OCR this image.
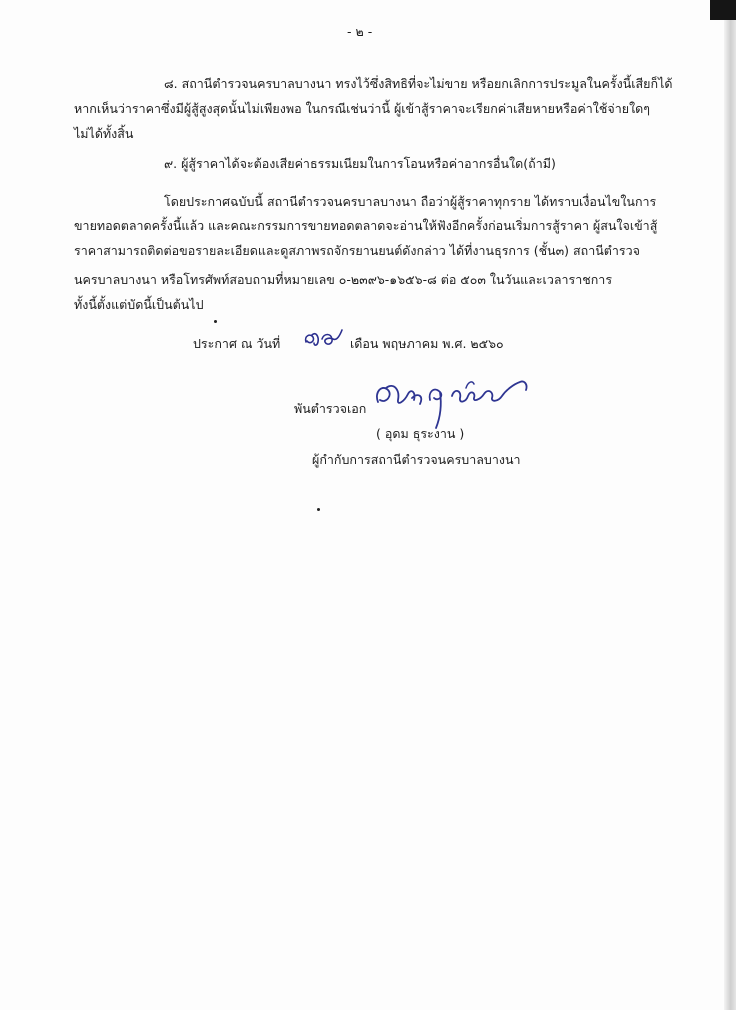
- ๒ -
๘. สถานีตำรวจนครบาลบางนา ทรงไว้ซึ่งสิทธิที่จะไม่ขาย หรือยกเลิกการประมูลในครั้งนี้เสียก็ได้
หากเห็นว่าราคาซึ่งมีผู้สู้สูงสุดนั้นไม่เพียงพอ ในกรณีเช่นว่านี้ ผู้เข้าสู้ราคาจะเรียกค่าเสียหายหรือค่าใช้จ่ายใดๆ
ไม่ได้ทั้งสิ้น
๙. ผู้สู้ราคาได้จะต้องเสียค่าธรรมเนียมในการโอนหรือค่าอากรอื่นใด(ถ้ามี)
โดยประกาศฉบับนี้ สถานีตำรวจนครบาลบางนา ถือว่าผู้สู้ราคาทุกราย ได้ทราบเงื่อนไขในการ
ขายทอดตลาดครั้งนี้แล้ว และคณะกรรมการขายทอดตลาดจะอ่านให้ฟังอีกครั้งก่อนเริ่มการสู้ราคา ผู้สนใจเข้าสู้
ราคาสามารถติดต่อขอรายละเอียดและดูสภาพรถจักรยานยนต์ดังกล่าว ได้ที่งานธุรการ (ชั้น๓) สถานีตำรวจ
นครบาลบางนา หรือโทรศัพท์สอบถามที่หมายเลข ๐-๒๓๙๖-๑๖๕๖-๘ ต่อ ๕๐๓ ในวันและเวลาราชการ
ทั้งนี้ตั้งแต่บัดนี้เป็นต้นไป
ประกาศ ณ วันที่	เดือน พฤษภาคม พ.ศ. ๒๕๖๐
พันตำรวจเอก
( อุดม ธุระงาน )
ผู้กำกับการสถานีตำรวจนครบาลบางนา
